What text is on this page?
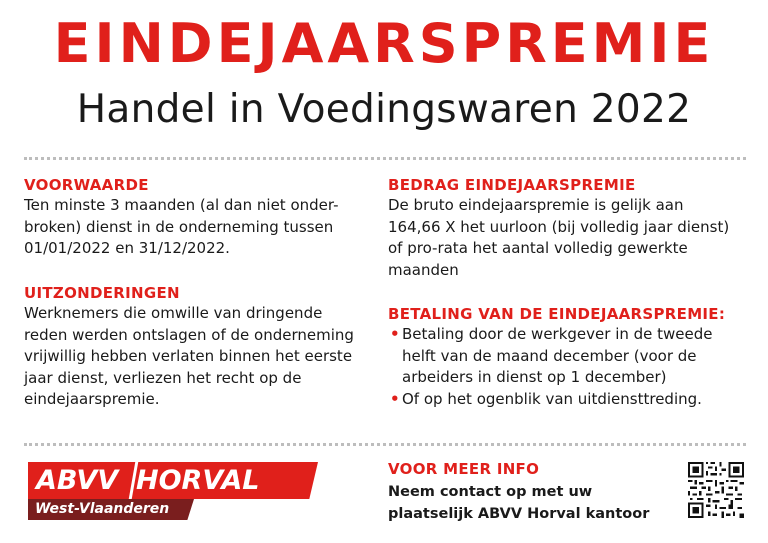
EINDEJAARSPREMIE
Handel in Voedingswaren 2022
VOORWAARDE
Ten minste 3 maanden (al dan niet onder-
broken) dienst in de onderneming tussen
01/01/2022 en 31/12/2022.
UITZONDERINGEN
Werknemers die omwille van dringende
reden werden ontslagen of de onderneming
vrijwillig hebben verlaten binnen het eerste
jaar dienst, verliezen het recht op de
eindejaarspremie.
BEDRAG EINDEJAARSPREMIE
De bruto eindejaarspremie is gelijk aan
164,66 X het uurloon (bij volledig jaar dienst)
of pro-rata het aantal volledig gewerkte
maanden
BETALING VAN DE EINDEJAARSPREMIE:
• Betaling door de werkgever in de tweede
helft van de maand december (voor de
arbeiders in dienst op 1 december)
• Of op het ogenblik van uitdiensttreding.
ABVV HORVAL
West-Vlaanderen
VOOR MEER INFO
Neem contact op met uw
plaatselijk ABVV Horval kantoor
